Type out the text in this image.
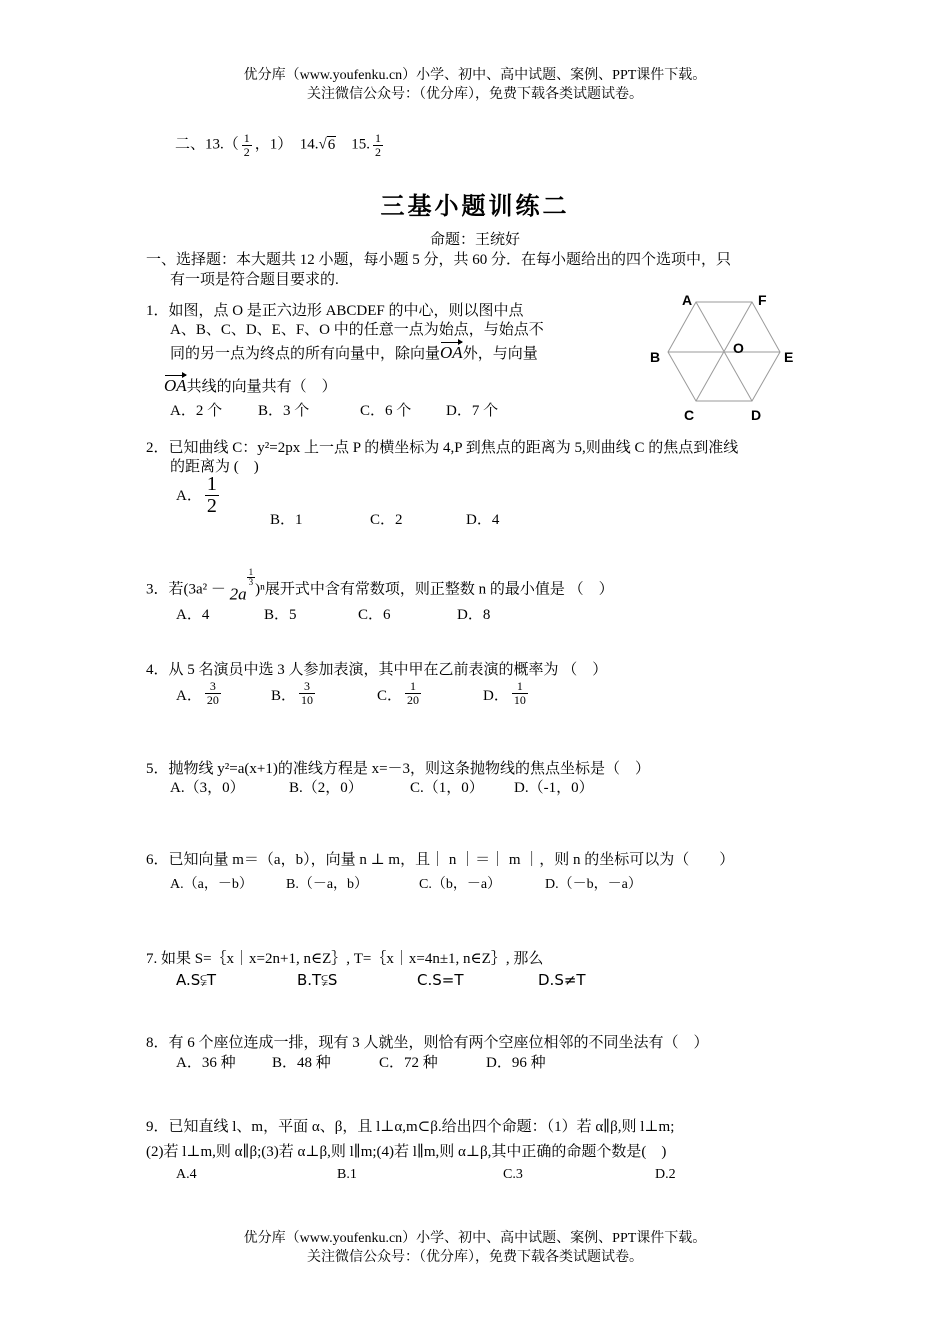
优分库（www.youfenku.cn）小学、初中、高中试题、案例、PPT课件下载。
关注微信公众号：（优分库），免费下载各类试题试卷。
二、$13.( \frac{1}{2}$ ，1）　14.√6　15. $\frac{1}{2}$
三基小题训练二
命题：王统好
一、选择题：本大题共 12 小题，每小题 5 分，共 60 分．在每小题给出的四个选项中，只
有一项是符合题目要求的.
1．如图，点 O 是正六边形 ABCDEF 的中心，则以图中点
A、B、C、D、E、F、O 中的任意一点为始点，与始点不
同的另一点为终点的所有向量中，除向量OA外，与向量
OA共线的向量共有（　）
A．2 个 B．3 个	C．6 个 D．7 个
A	F
B
O
E
C	D
2．已知曲线 C：y²=2px 上一点 P 的横坐标为 4,P 到焦点的距离为 5,则曲线 C 的焦点到准线
的距离为 (　)
A． $\frac{1}{2}$
B．1	C．2	D．4
3．若(3a² － 2a
$\frac{1}{3}$
)ⁿ展开式中含有常数项，则正整数 n 的最小值是 （　）
A．4	B．5	C．6	D．8
4．从 5 名演员中选 3 人参加表演，其中甲在乙前表演的概率为 （　）
A． $\frac{3}{20}$	B． $\frac{3}{10}$	C． $\frac{1}{20}$	D． $\frac{1}{10}$
5．抛物线 y²=a(x+1)的准线方程是 x=－3，则这条抛物线的焦点坐标是（　）
A.（3，0）	B.（2，0）	C.（1，0） D.（-1，0）
6．已知向量 m＝（a，b），向量 n ⊥ m，且｜ n ｜＝｜ m ｜，则 n 的坐标可以为（　　）
A.（a，－b） B.（－a，b）	C.（b，－a）	D.（－b，－a）
7. 如果 S=｛x｜x=2n+1, n∈Z｝, T=｛x｜x=4n±1, n∈Z｝, 那么
A.S⫋T	B.T⫋S	C.S=T	D.S≠T
8．有 6 个座位连成一排，现有 3 人就坐，则恰有两个空座位相邻的不同坐法有（　）
A．36 种 B．48 种	C．72 种	D．96 种
9．已知直线 l、m，平面 α、β，且 l⊥α,m⊂β.给出四个命题：（1）若 α∥β,则 l⊥m;
(2)若 l⊥m,则 α∥β;(3)若 α⊥β,则 l∥m;(4)若 l∥m,则 α⊥β,其中正确的命题个数是(　)
A.4	B.1	C.3	D.2
优分库（www.youfenku.cn）小学、初中、高中试题、案例、PPT课件下载。
关注微信公众号：（优分库），免费下载各类试题试卷。
